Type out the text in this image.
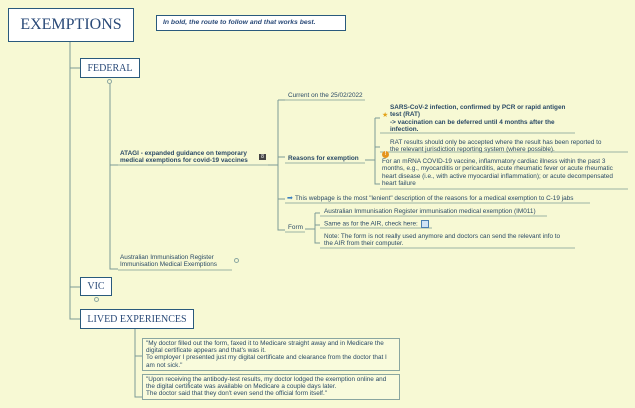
EXEMPTIONS	In bold, the route to follow and that works best.
FEDERAL
ATAGI - expanded guidance on temporary
medical exemptions for covid-19 vaccines
8
Current on the 25/02/2022
Reasons for exemption
★
SARS-CoV-2 infection, confirmed by PCR or rapid antigen
test (RAT)
-> vaccination can be deferred until 4 months after the
infection.
!
RAT results should only be accepted where the result has been reported to
the relevant jurisdiction reporting system (where possible).
For an mRNA COVID-19 vaccine, inflammatory cardiac illness within the past 3
months, e.g., myocarditis or pericarditis, acute rheumatic fever or acute rheumatic
heart disease (i.e., with active myocardial inflammation); or acute decompensated
heart failure
➡ This webpage is the most "lenient" description of the reasons for a medical exemption to C-19 jabs
Form
Australian Immunisation Register immunisation medical exemption (IM011)
Same as for the AIR, check here:
Note: The form is not really used anymore and doctors can send the relevant info to
the AIR from their computer.
Australian Immunisation Register
Immunisation Medical Exemptions
VIC
LIVED EXPERIENCES
"My doctor filled out the form, faxed it to Medicare straight away and in Medicare the
digital certificate appears and that's was it.
To employer I presented just my digital certificate and clearance from the doctor that I
am not sick."
"Upon receiving the antibody-test results, my doctor lodged the exemption online and
the digital certificate was available on Medicare a couple days later.
The doctor said that they don't even send the official form itself."
